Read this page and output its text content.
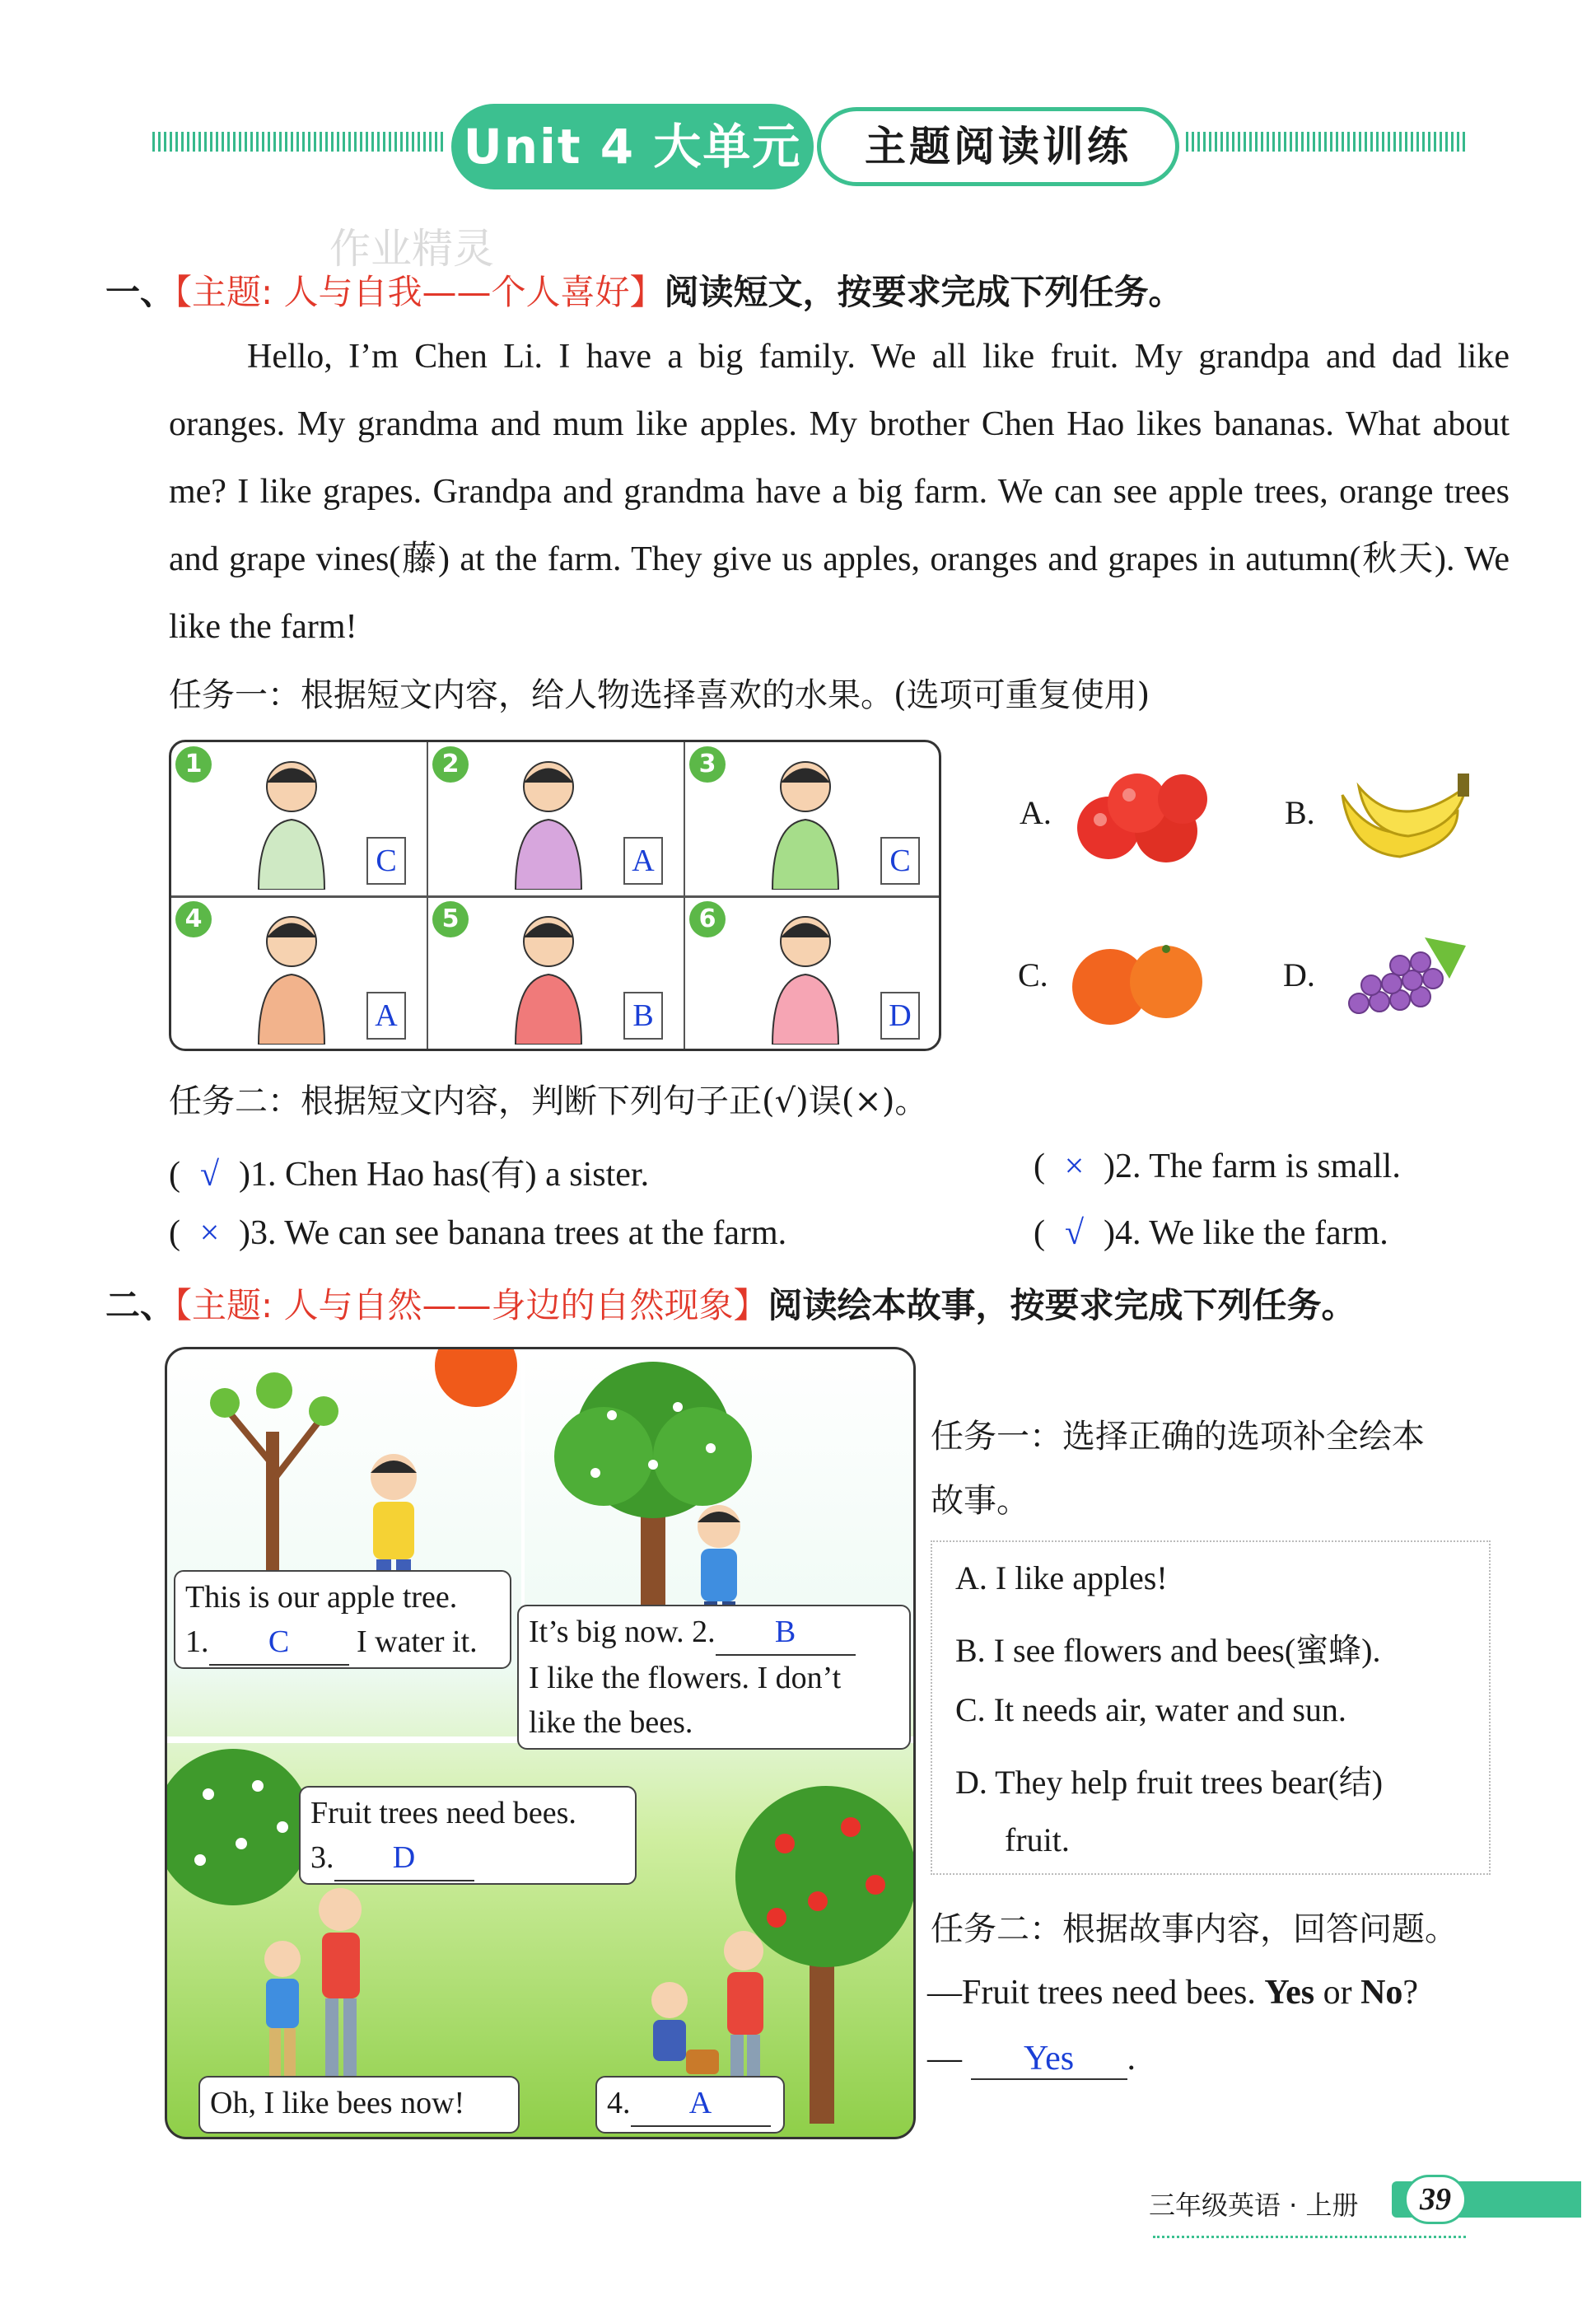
Unit 4 大单元	主题阅读训练
作业精灵
一、【主题: 人与自我——个人喜好】阅读短文，按要求完成下列任务。
Hello, I’m Chen Li. I have a big family. We all like fruit. My grandpa and dad like oranges. My grandma and mum like apples. My brother Chen Hao likes bananas. What about me? I like grapes. Grandpa and grandma have a big farm. We can see apple trees, orange trees and grape vines(藤) at the farm. They give us apples, oranges and grapes in autumn(秋天). We like the farm!
任务一：根据短文内容，给人物选择喜欢的水果。(选项可重复使用)
1
C
2
A
3
C
4
A
5
B
6
D
A.	B.
C.	D.
任务二：根据短文内容，判断下列句子正(√)误(×)。
( √ )1. Chen Hao has(有) a sister.	( × )2. The farm is small.
( × )3. We can see banana trees at the farm.	( √ )4. We like the farm.
二、【主题: 人与自然——身边的自然现象】阅读绘本故事，按要求完成下列任务。
This is our apple tree.
1. C I water it.	It’s big now. 2. B
I like the flowers. I don’t
like the bees.
Fruit trees need bees.
3. D
Oh, I like bees now!	4. A
任务一：选择正确的选项补全绘本
故事。
A. I like apples!
B. I see flowers and bees(蜜蜂).
C. It needs air, water and sun.
D. They help fruit trees bear(结)
fruit.
任务二：根据故事内容，回答问题。
—Fruit trees need bees. Yes or No?
— Yes .
三年级英语 · 上册	39
